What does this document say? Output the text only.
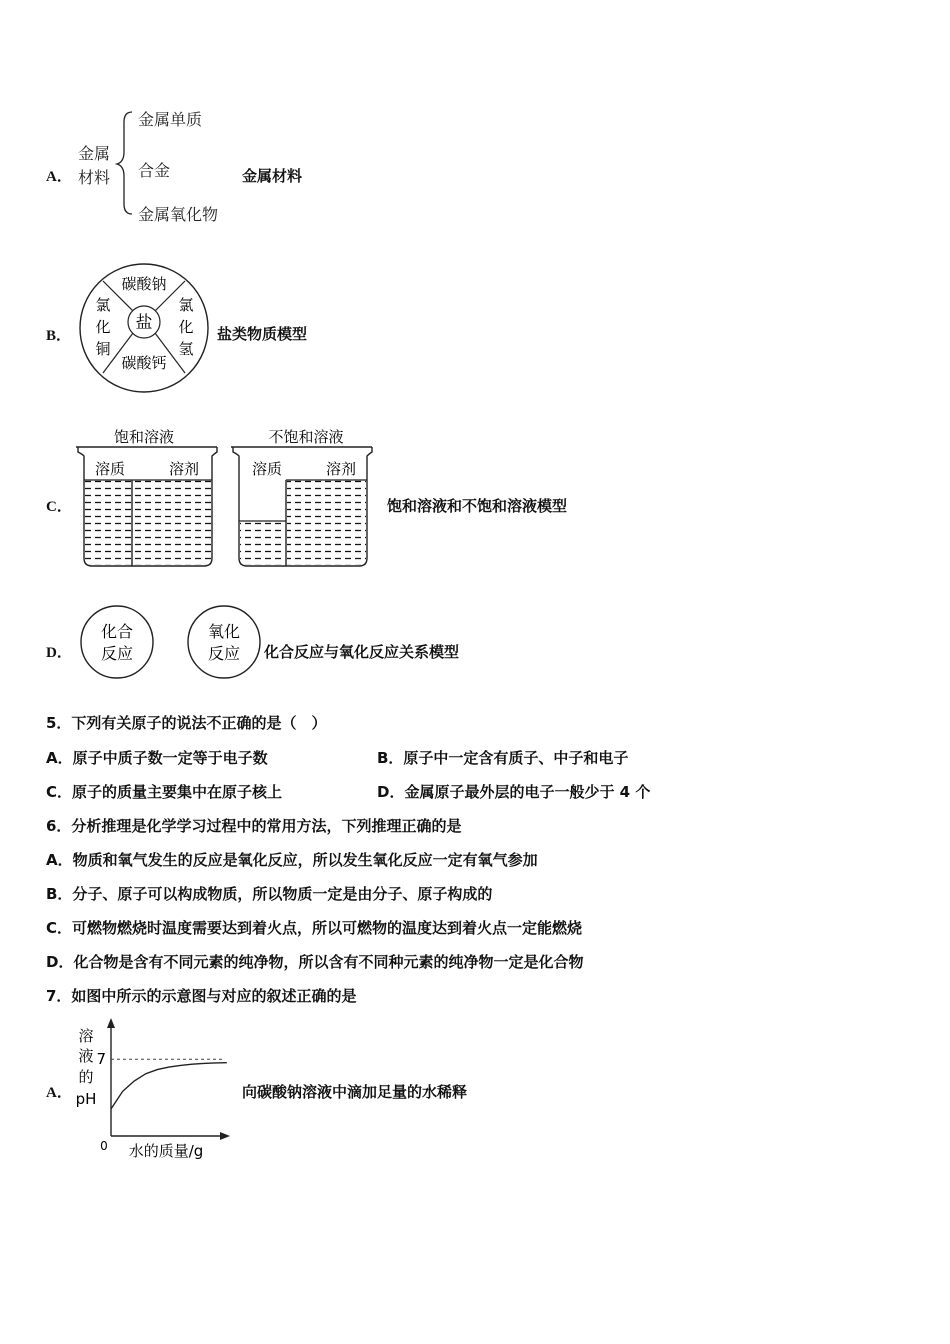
A．
金属
材料
金属单质
合金
金属氧化物
金属材料
B．
盐
碳酸钠
碳酸钙
氯
化
铜
氯
化
氢
盐类物质模型
C．
饱和溶液
溶质	溶剂
不饱和溶液
溶质	溶剂
饱和溶液和不饱和溶液模型
D．
化合
反应
氧化
反应 化合反应与氧化反应关系模型
5．下列有关原子的说法不正确的是（　）
A．原子中质子数一定等于电子数	B．原子中一定含有质子、中子和电子
C．原子的质量主要集中在原子核上	D．金属原子最外层的电子一般少于 4 个
6．分析推理是化学学习过程中的常用方法，下列推理正确的是
A．物质和氧气发生的反应是氧化反应，所以发生氧化反应一定有氧气参加
B．分子、原子可以构成物质，所以物质一定是由分子、原子构成的
C．可燃物燃烧时温度需要达到着火点，所以可燃物的温度达到着火点一定能燃烧
D．化合物是含有不同元素的纯净物，所以含有不同种元素的纯净物一定是化合物
7．如图中所示的示意图与对应的叙述正确的是
A．
溶
液
的
pH
7
0 水的质量/g
向碳酸钠溶液中滴加足量的水稀释
